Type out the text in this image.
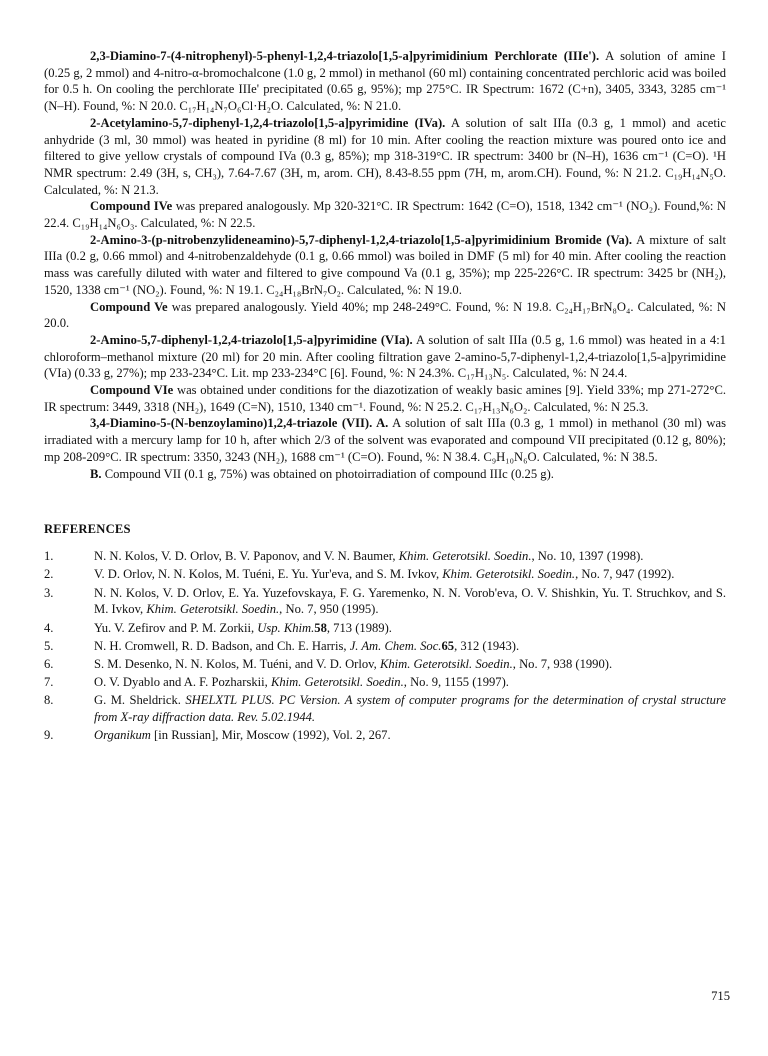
2,3-Diamino-7-(4-nitrophenyl)-5-phenyl-1,2,4-triazolo[1,5-a]pyrimidinium Perchlorate (IIIe'). A solution of amine I (0.25 g, 2 mmol) and 4-nitro-α-bromochalcone (1.0 g, 2 mmol) in methanol (60 ml) containing concentrated perchloric acid was boiled for 0.5 h. On cooling the perchlorate IIIe' precipitated (0.65 g, 95%); mp 275°C. IR Spectrum: 1672 (C+n), 3405, 3343, 3285 cm⁻¹ (N–H). Found, %: N 20.0. C₁₇H₁₄N₇O₆Cl·H₂O. Calculated, %: N 21.0.

2-Acetylamino-5,7-diphenyl-1,2,4-triazolo[1,5-a]pyrimidine (IVa). A solution of salt IIIa (0.3 g, 1 mmol) and acetic anhydride (3 ml, 30 mmol) was heated in pyridine (8 ml) for 10 min. After cooling the reaction mixture was poured onto ice and filtered to give yellow crystals of compound IVa (0.3 g, 85%); mp 318-319°C. IR spectrum: 3400 br (N–H), 1636 cm⁻¹ (C=O). ¹H NMR spectrum: 2.49 (3H, s, CH₃), 7.64-7.67 (3H, m, arom. CH), 8.43-8.55 ppm (7H, m, arom.CH). Found, %: N 21.2. C₁₉H₁₄N₅O. Calculated, %: N 21.3.

Compound IVe was prepared analogously. Mp 320-321°C. IR Spectrum: 1642 (C=O), 1518, 1342 cm⁻¹ (NO₂). Found,%: N 22.4. C₁₉H₁₄N₆O₃. Calculated, %: N 22.5.

2-Amino-3-(p-nitrobenzylideneamino)-5,7-diphenyl-1,2,4-triazolo[1,5-a]pyrimidinium Bromide (Va). A mixture of salt IIIa (0.2 g, 0.66 mmol) and 4-nitrobenzaldehyde (0.1 g, 0.66 mmol) was boiled in DMF (5 ml) for 40 min. After cooling the reaction mass was carefully diluted with water and filtered to give compound Va (0.1 g, 35%); mp 225-226°C. IR spectrum: 3425 br (NH₂), 1520, 1338 cm⁻¹ (NO₂). Found, %: N 19.1. C₂₄H₁₈BrN₇O₂. Calculated, %: N 19.0.

Compound Ve was prepared analogously. Yield 40%; mp 248-249°C. Found, %: N 19.8. C₂₄H₁₇BrN₈O₄. Calculated, %: N 20.0.

2-Amino-5,7-diphenyl-1,2,4-triazolo[1,5-a]pyrimidine (VIa). A solution of salt IIIa (0.5 g, 1.6 mmol) was heated in a 4:1 chloroform–methanol mixture (20 ml) for 20 min. After cooling filtration gave 2-amino-5,7-diphenyl-1,2,4-triazolo[1,5-a]pyrimidine (VIa) (0.33 g, 27%); mp 233-234°C. Lit. mp 233-234°C [6]. Found, %: N 24.3%. C₁₇H₁₃N₅. Calculated, %: N 24.4.

Compound VIe was obtained under conditions for the diazotization of weakly basic amines [9]. Yield 33%; mp 271-272°C. IR spectrum: 3449, 3318 (NH₂), 1649 (C=N), 1510, 1340 cm⁻¹. Found, %: N 25.2. C₁₇H₁₃N₆O₂. Calculated, %: N 25.3.

3,4-Diamino-5-(N-benzoylamino)1,2,4-triazole (VII). A. A solution of salt IIIa (0.3 g, 1 mmol) in methanol (30 ml) was irradiated with a mercury lamp for 10 h, after which 2/3 of the solvent was evaporated and compound VII precipitated (0.12 g, 80%); mp 208-209°C. IR spectrum: 3350, 3243 (NH₂), 1688 cm⁻¹ (C=O). Found, %: N 38.4. C₉H₁₀N₆O. Calculated, %: N 38.5.

B. Compound VII (0.1 g, 75%) was obtained on photoirradiation of compound IIIc (0.25 g).

REFERENCES
1.	N. N. Kolos, V. D. Orlov, B. V. Paponov, and V. N. Baumer, Khim. Geterotsikl. Soedin., No. 10, 1397 (1998).
2.	V. D. Orlov, N. N. Kolos, M. Tuéni, E. Yu. Yur'eva, and S. M. Ivkov, Khim. Geterotsikl. Soedin., No. 7, 947 (1992).
3.	N. N. Kolos, V. D. Orlov, E. Ya. Yuzefovskaya, F. G. Yaremenko, N. N. Vorob'eva, O. V. Shishkin, Yu. T. Struchkov, and S. M. Ivkov, Khim. Geterotsikl. Soedin., No. 7, 950 (1995).
4.	Yu. V. Zefirov and P. M. Zorkii, Usp. Khim.58, 713 (1989).
5.	N. H. Cromwell, R. D. Badson, and Ch. E. Harris, J. Am. Chem. Soc.65, 312 (1943).
6.	S. M. Desenko, N. N. Kolos, M. Tuéni, and V. D. Orlov, Khim. Geterotsikl. Soedin., No. 7, 938 (1990).
7.	O. V. Dyablo and A. F. Pozharskii, Khim. Geterotsikl. Soedin., No. 9, 1155 (1997).
8.	G. M. Sheldrick. SHELXTL PLUS. PC Version. A system of computer programs for the determination of crystal structure from X-ray diffraction data. Rev. 5.02.1944.
9.	Organikum [in Russian], Mir, Moscow (1992), Vol. 2, 267.
715
